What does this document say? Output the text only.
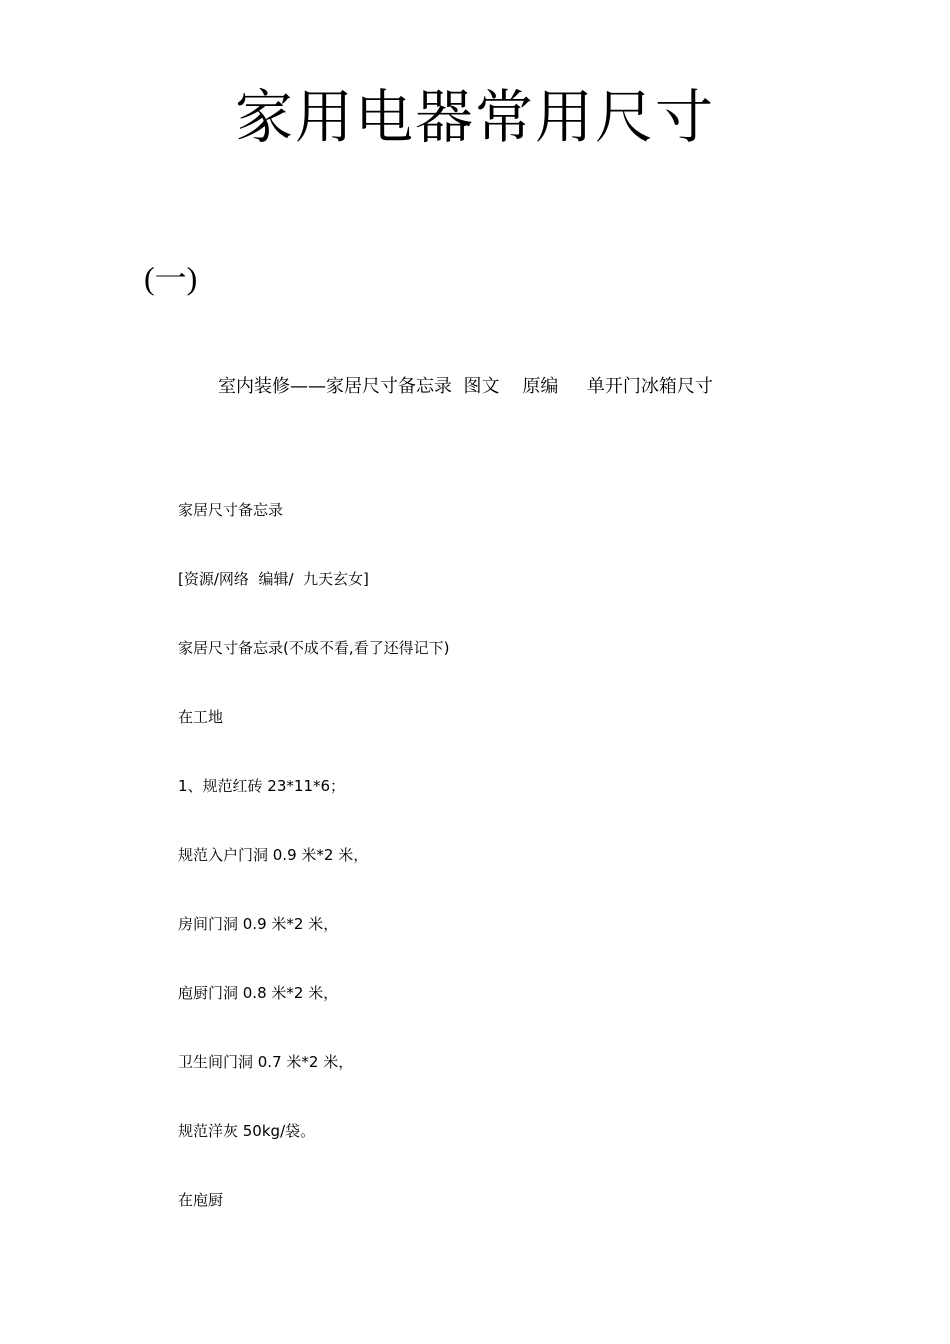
家用电器常用尺寸

(一)

室内装修——家居尺寸备忘录  图文    原编     单开门冰箱尺寸

家居尺寸备忘录

[资源/网络  编辑/  九天玄女]

家居尺寸备忘录(不成不看,看了还得记下)

在工地

1、规范红砖 23*11*6；

规范入户门洞 0.9 米*2 米，

房间门洞 0.9 米*2 米，

庖厨门洞 0.8 米*2 米，

卫生间门洞 0.7 米*2 米，

规范洋灰 50kg/袋。

在庖厨
